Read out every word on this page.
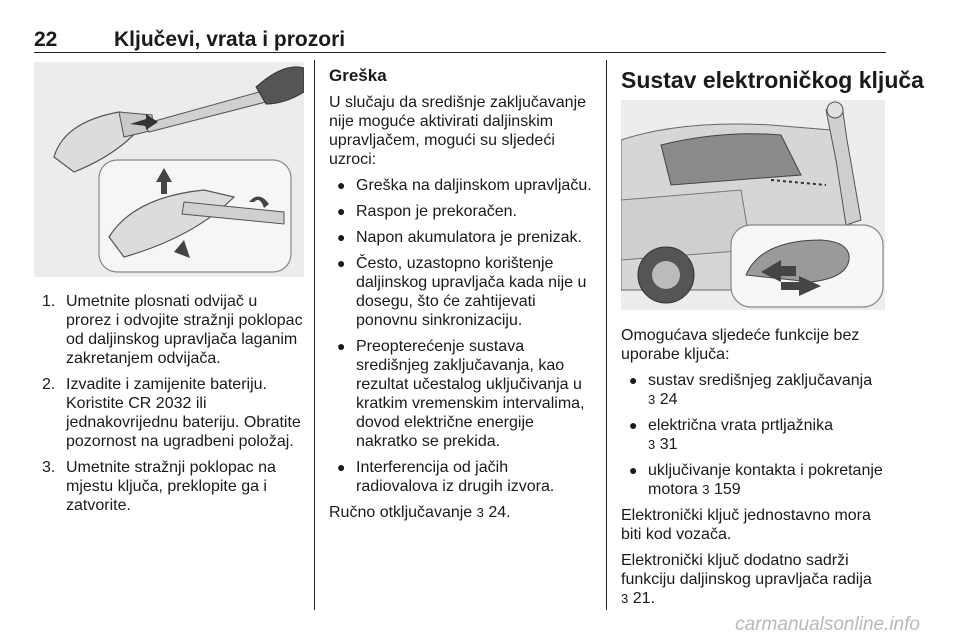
22	Ključevi, vrata i prozori
1. Umetnite plosnati odvijač u prorez i odvojite stražnji poklopac od daljinskog upravljača laganim zakretanjem odvijača.
2. Izvadite i zamijenite bateriju. Koristite CR 2032 ili jednakovrijednu bateriju. Obratite pozornost na ugradbeni položaj.
3. Umetnite stražnji poklopac na mjestu ključa, preklopite ga i zatvorite.
Greška

U slučaju da središnje zaključavanje nije moguće aktivirati daljinskim upravljačem, mogući su sljedeći uzroci:

● Greška na daljinskom upravljaču.
● Raspon je prekoračen.
● Napon akumulatora je prenizak.
● Često, uzastopno korištenje daljinskog upravljača kada nije u dosegu, što će zahtijevati ponovnu sinkronizaciju.
● Preopterećenje sustava središnjeg zaključavanja, kao rezultat učestalog uključivanja u kratkim vremenskim intervalima, dovod električne energije nakratko se prekida.
● Interferencija od jačih radiovalova iz drugih izvora.

Ručno otključavanje 3 24.

Sustav elektroničkog ključa

Omogućava sljedeće funkcije bez uporabe ključa:

● sustav središnjeg zaključavanja
3 24
● električna vrata prtljažnika
3 31
● uključivanje kontakta i pokretanje motora 3 159

Elektronički ključ jednostavno mora biti kod vozača.

Elektronički ključ dodatno sadrži funkciju daljinskog upravljača radija
3 21.

carmanualsonline.info
